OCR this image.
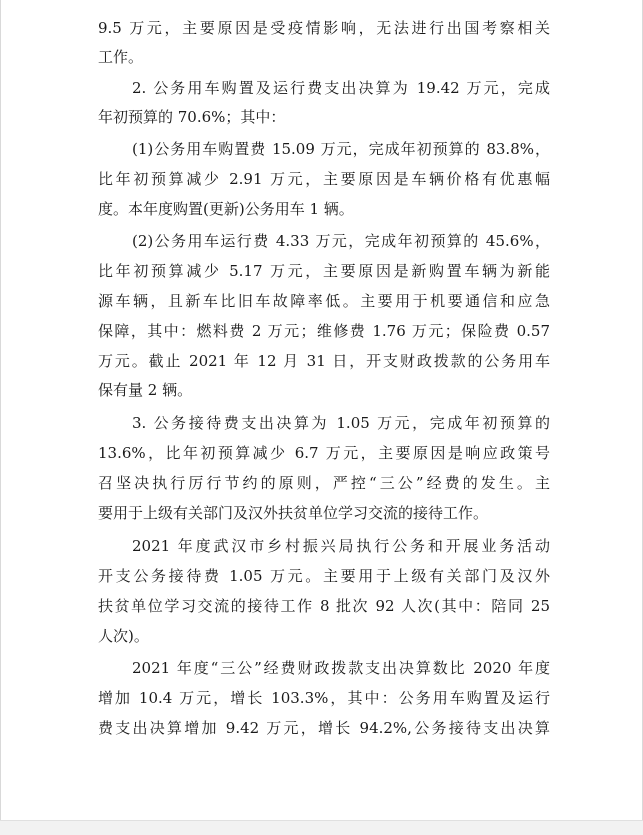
9.5 万元，主要原因是受疫情影响，无法进行出国考察相关
工作。
2. 公务用车购置及运行费支出决算为 19.42 万元，完成
年初预算的 70.6%；其中：
(1)公务用车购置费 15.09 万元，完成年初预算的 83.8%，
比年初预算减少 2.91 万元，主要原因是车辆价格有优惠幅
度。本年度购置(更新)公务用车 1 辆。
(2)公务用车运行费 4.33 万元，完成年初预算的 45.6%，
比年初预算减少 5.17 万元，主要原因是新购置车辆为新能
源车辆，且新车比旧车故障率低。主要用于机要通信和应急
保障，其中：燃料费 2 万元；维修费 1.76 万元；保险费 0.57
万元。截止 2021 年 12 月 31 日，开支财政拨款的公务用车
保有量 2 辆。
3. 公务接待费支出决算为 1.05 万元，完成年初预算的
13.6%，比年初预算减少 6.7 万元，主要原因是响应政策号
召坚决执行厉行节约的原则，严控“三公”经费的发生。主
要用于上级有关部门及汉外扶贫单位学习交流的接待工作。
2021 年度武汉市乡村振兴局执行公务和开展业务活动
开支公务接待费 1.05 万元。主要用于上级有关部门及汉外
扶贫单位学习交流的接待工作 8 批次 92 人次(其中：陪同 25
人次)。
2021 年度“三公”经费财政拨款支出决算数比 2020 年度
增加 10.4 万元，增长 103.3%，其中：公务用车购置及运行
费支出决算增加 9.42 万元，增长 94.2%,公务接待支出决算
